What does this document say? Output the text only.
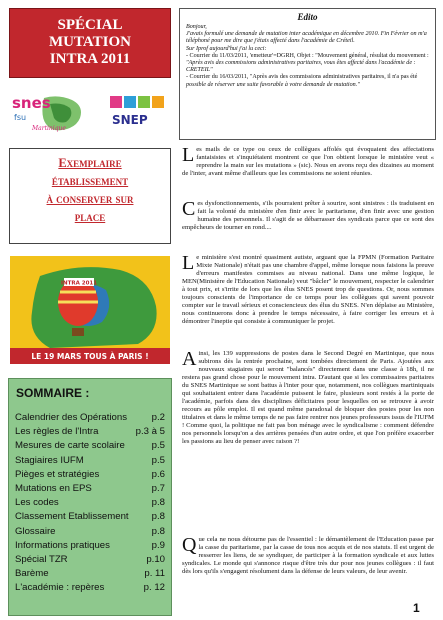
SPÉCIAL
MUTATION
INTRA 2011
snes
fsu
Martinique
SNEP
Exemplaire
établissement
à conserver sur
place
INTRA 2011
LE 19 MARS TOUS À PARIS !
SOMMAIRE :
Calendrier des Opérations	p.2
Les règles de l'Intra	p.3 à 5
Mesures de carte scolaire	p.5
Stagiaires IUFM	p.5
Pièges et stratégies	p.6
Mutations en EPS	p.7
Les codes	p.8
Classement Etablissement p.8
Glossaire	p.8
Informations pratiques	p.9
Spécial TZR	p.10
Barème	p. 11
L'académie : repères	p. 12
Edito

Bonjour,

J'avais formulé une demande de mutation inter académique en décembre 2010. Fin Février on m'a téléphoné pour me dire que j'étais affecté dans l'académie de Créteil.

Sur Iprof aujourd'hui j'ai lu ceci:

- Courrier du 11/03/2011, 'emetteur'=DGRH, Objet : "Mouvement général, résultat du mouvement :

"Après avis des commissions administratives paritaires, vous êtes affecté dans l'académie de : CRETEIL"

- Courrier du 16/03/2011, "Après avis des commissions administratives paritaires, il n'a pas été

possible de réserver une suite favorable à votre demande de mutation."

Les mails de ce type ou ceux de collègues affolés qui évoquaient des affectations fantaisistes et s'inquiétaient montrent ce que l'on obtient lorsque le ministère veut « reprendre la main sur les mutations » (sic). Nous en avons reçu des dizaines au moment de l'inter, avant même d'ailleurs que les commissions ne soient réunies.
Ces dysfonctionnements, s'ils pourraient prêter à sourire, sont sinistres : ils traduisent en fait la volonté du ministère d'en finir avec le paritarisme, d'en finir avec une gestion humaine des personnels. Il s'agit de se débarrasser des syndicats parce que ce sont des empêcheurs de tourner en rond....
Le ministère s'est montré quasiment autiste, arguant que la FPMN (Formation Paritaire Mixte Nationale) n'était pas une chambre d'appel, même lorsque nous faisions la preuve d'erreurs manifestes commises au niveau national. Dans une même logique, le MEN(Ministère de l'Education Nationale) veut "bâcler" le mouvement, respecter le calendrier à tout prix, et s'irrite de lors que les élus SNES posent trop de questions. Or, nous sommes toujours conscients de l'importance de ce temps pour les collègues qui savent pouvoir compter sur le travail sérieux et consciencieux des élus du SNES. N'en déplaise au Ministère, nous continuerons donc à prendre le temps nécessaire, à faire corriger les erreurs et à démontrer l'ineptie qui consiste à communiquer le projet.
Ainsi, les 139 suppressions de postes dans le Second Degré en Martinique, que nous subirons dès la rentrée prochaine, sont tombées directement de Paris. Ajoutées aux nouveaux stagiaires qui seront "balancés" directement dans une classe à 18h, il ne restera pas grand chose pour le mouvement intra. D'autant que si les commissaires paritaires du SNES Martinique se sont battus à l'inter pour que, notamment, nos collègues martiniquais qui souhaitaient entrer dans l'académie puissent le faire, plusieurs sont restés à la porte de l'académie, parfois dans des disciplines déficitaires pour lesquelles on se retrouve à avoir recours au pôle emploi. Il est quand même paradoxal de bloquer des postes pour les non titulaires et dans le même temps de ne pas faire rentrer nos jeunes professeurs issus de l'IUFM ! Comme quoi, la politique ne fait pas bon ménage avec le syndicalisme : comment défendre nos personnels lorsqu'on a des arrières pensées d'un autre ordre, et que l'on préfère exacerber les passions au lieu de penser avec raison ?!
Que cela ne nous détourne pas de l'essentiel : le démantèlement de l'Education passe par la casse du paritarisme, par la casse de tous nos acquis et de nos statuts. Il est urgent de resserrer les liens, de se syndiquer, de participer à la formation syndicale et aux luttes syndicales. Le monde qui s'annonce risque d'être très dur pour nos jeunes collègues : il faut dès lors qu'ils s'engagent résolument dans la défense de leurs valeurs, de leur avenir.
1
